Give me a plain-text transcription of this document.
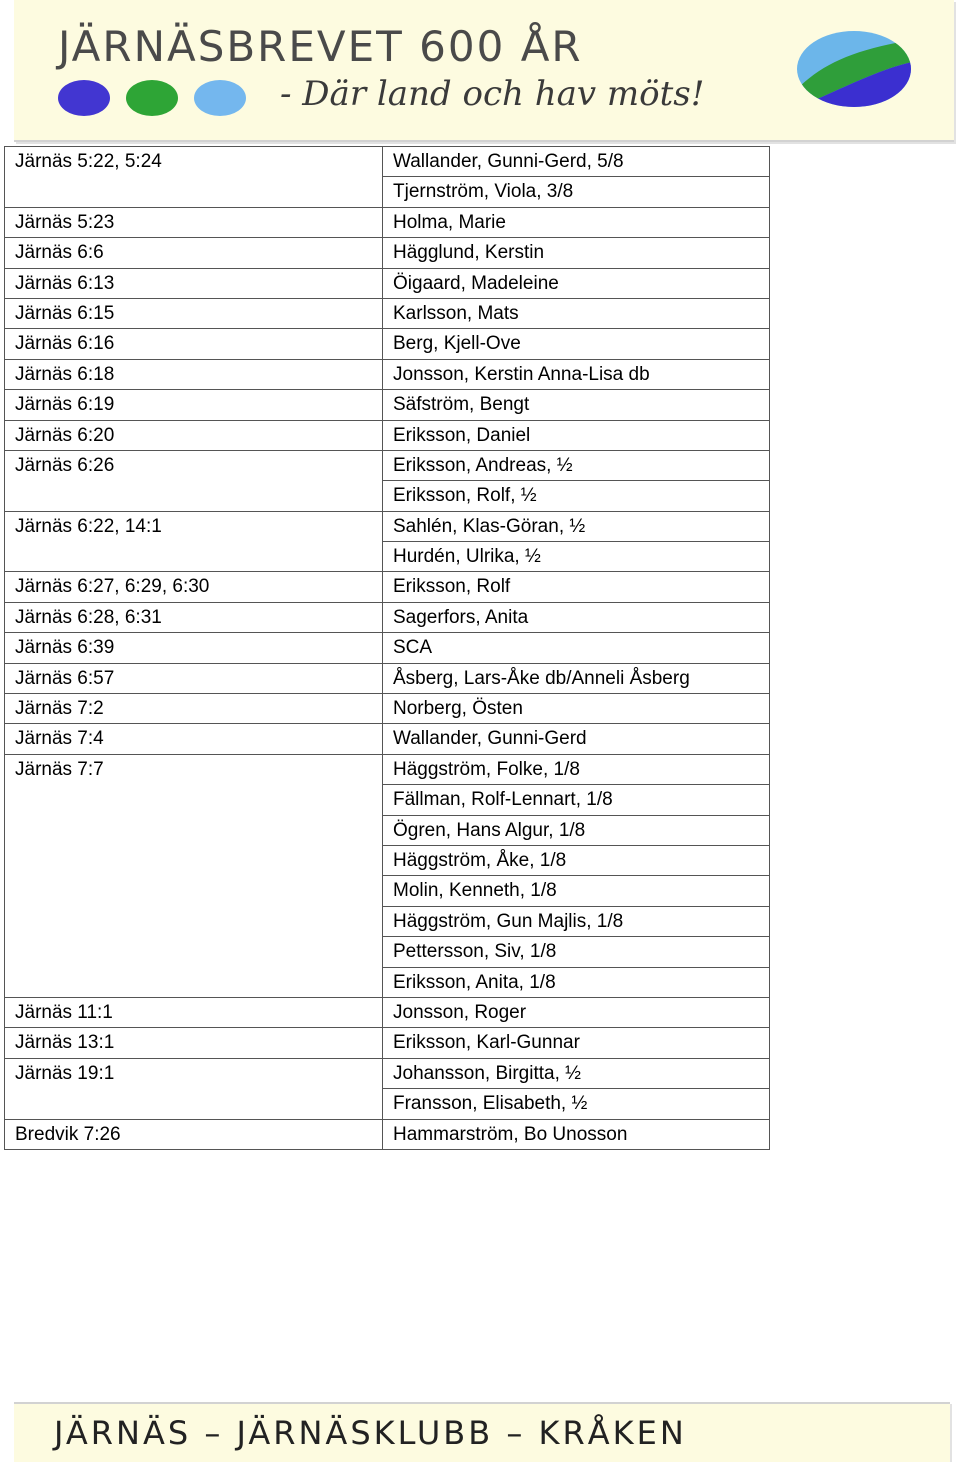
JÄRNÄSBREVET 600 ÅR
- Där land och hav möts!
Järnäs 5:22, 5:24	Wallander, Gunni-Gerd, 5/8
	Tjernström, Viola, 3/8
Järnäs 5:23	Holma, Marie
Järnäs 6:6	Hägglund, Kerstin
Järnäs 6:13	Öigaard, Madeleine
Järnäs 6:15	Karlsson, Mats
Järnäs 6:16	Berg, Kjell-Ove
Järnäs 6:18	Jonsson, Kerstin Anna-Lisa db
Järnäs 6:19	Säfström, Bengt
Järnäs 6:20	Eriksson, Daniel
Järnäs 6:26	Eriksson, Andreas, ½
	Eriksson, Rolf, ½
Järnäs 6:22, 14:1	Sahlén, Klas-Göran, ½
	Hurdén, Ulrika, ½
Järnäs 6:27, 6:29, 6:30	Eriksson, Rolf
Järnäs 6:28, 6:31	Sagerfors, Anita
Järnäs 6:39	SCA
Järnäs 6:57	Åsberg, Lars-Åke db/Anneli Åsberg
Järnäs 7:2	Norberg, Östen
Järnäs 7:4	Wallander, Gunni-Gerd
Järnäs 7:7	Häggström, Folke, 1/8
	Fällman, Rolf-Lennart, 1/8
	Ögren, Hans Algur, 1/8
	Häggström, Åke, 1/8
	Molin, Kenneth, 1/8
	Häggström, Gun Majlis, 1/8
	Pettersson, Siv, 1/8
	Eriksson, Anita, 1/8
Järnäs 11:1	Jonsson, Roger
Järnäs 13:1	Eriksson, Karl-Gunnar
Järnäs 19:1	Johansson, Birgitta, ½
	Fransson, Elisabeth, ½
Bredvik 7:26	Hammarström, Bo Unosson
JÄRNÄS – JÄRNÄSKLUBB – KRÅKEN
